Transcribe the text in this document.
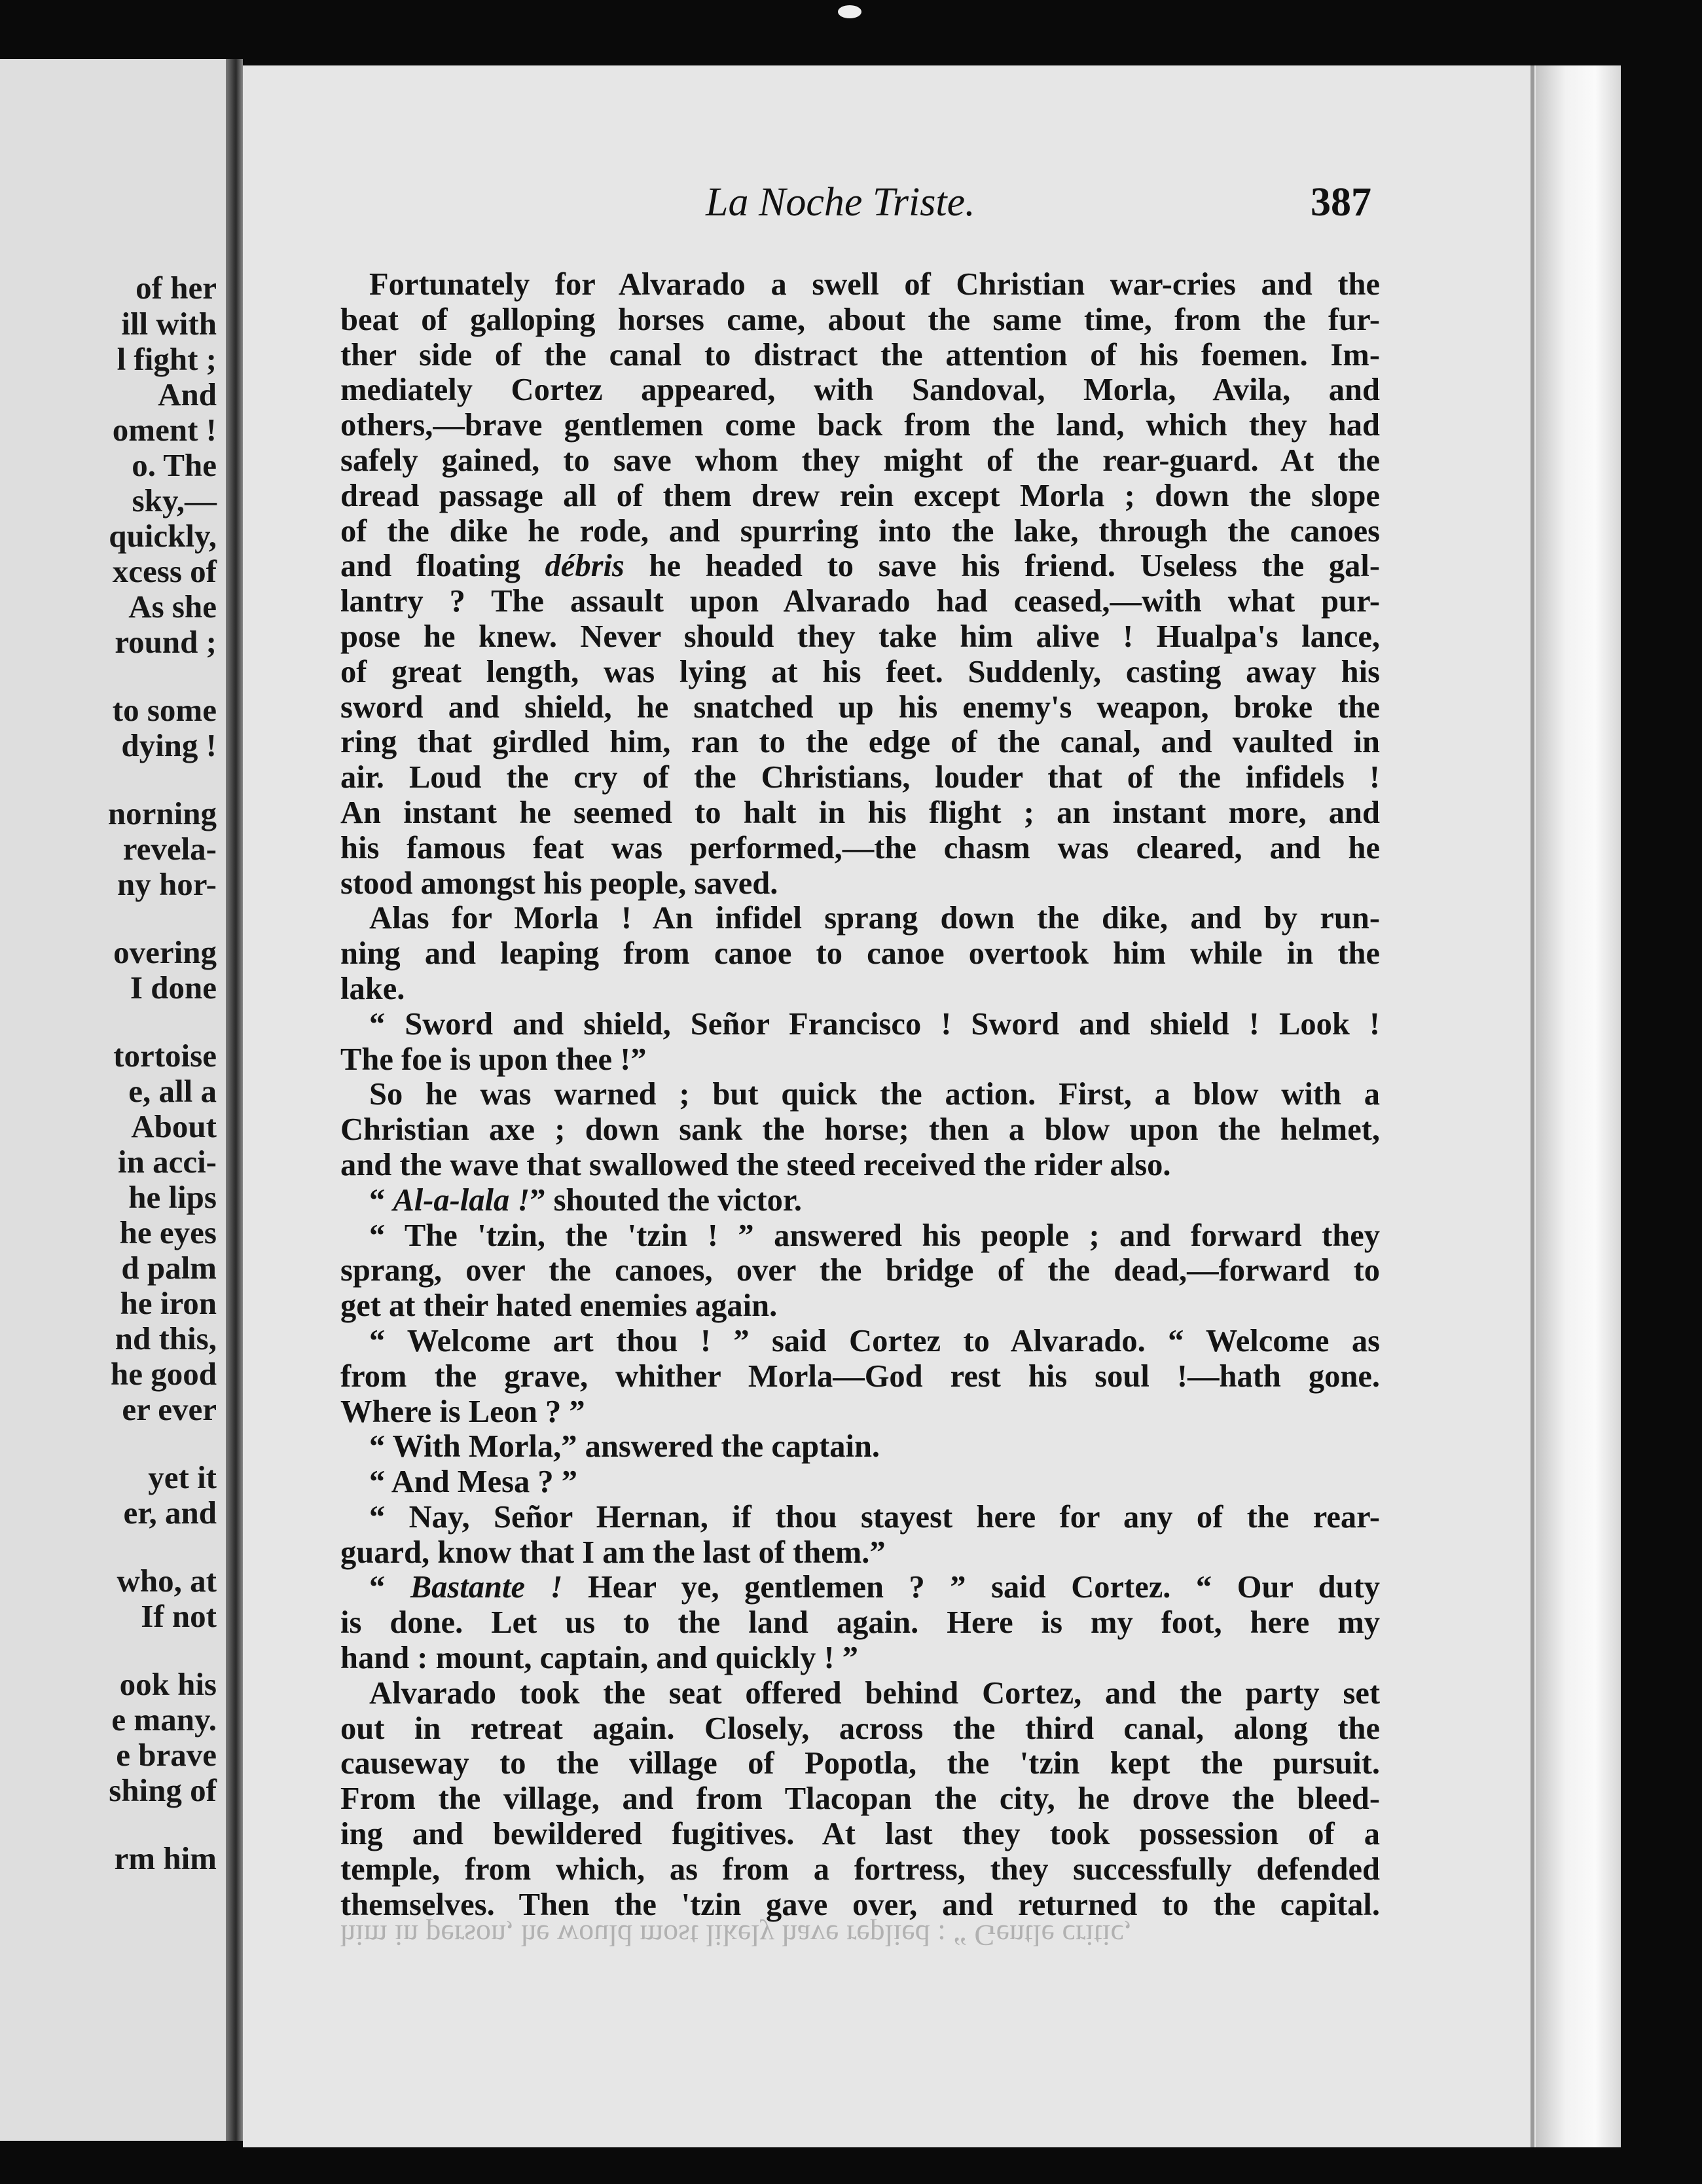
of her
ill with
l fight ;
And
oment !
o. The
sky,—
quickly,
xcess of
As she
round ;
to some
dying !
norning
revela-
ny hor-
overing
I done
tortoise
e, all a
About
in acci-
he lips
he eyes
d palm
he iron
nd this,
he good
er ever
yet it
er, and
who, at
If not
ook his
e many.
e brave
shing of
rm him
La Noche Triste.	387
Fortunately for Alvarado a swell of Christian war-cries and the
beat of galloping horses came, about the same time, from the fur-
ther side of the canal to distract the attention of his foemen. Im-
mediately Cortez appeared, with Sandoval, Morla, Avila, and
others,—brave gentlemen come back from the land, which they had
safely gained, to save whom they might of the rear-guard. At the
dread passage all of them drew rein except Morla ; down the slope
of the dike he rode, and spurring into the lake, through the canoes
and floating débris he headed to save his friend. Useless the gal-
lantry ? The assault upon Alvarado had ceased,—with what pur-
pose he knew. Never should they take him alive ! Hualpa's lance,
of great length, was lying at his feet. Suddenly, casting away his
sword and shield, he snatched up his enemy's weapon, broke the
ring that girdled him, ran to the edge of the canal, and vaulted in
air. Loud the cry of the Christians, louder that of the infidels !
An instant he seemed to halt in his flight ; an instant more, and
his famous feat was performed,—the chasm was cleared, and he
stood amongst his people, saved.
Alas for Morla ! An infidel sprang down the dike, and by run-
ning and leaping from canoe to canoe overtook him while in the
lake.
“ Sword and shield, Señor Francisco ! Sword and shield ! Look !
The foe is upon thee !”
So he was warned ; but quick the action. First, a blow with a
Christian axe ; down sank the horse; then a blow upon the helmet,
and the wave that swallowed the steed received the rider also.
“ Al-a-lala !” shouted the victor.
“ The 'tzin, the 'tzin ! ” answered his people ; and forward they
sprang, over the canoes, over the bridge of the dead,—forward to
get at their hated enemies again.
“ Welcome art thou ! ” said Cortez to Alvarado. “ Welcome as
from the grave, whither Morla—God rest his soul !—hath gone.
Where is Leon ? ”
“ With Morla,” answered the captain.
“ And Mesa ? ”
“ Nay, Señor Hernan, if thou stayest here for any of the rear-
guard, know that I am the last of them.”
“ Bastante ! Hear ye, gentlemen ? ” said Cortez. “ Our duty
is done. Let us to the land again. Here is my foot, here my
hand : mount, captain, and quickly ! ”
Alvarado took the seat offered behind Cortez, and the party set
out in retreat again. Closely, across the third canal, along the
causeway to the village of Popotla, the 'tzin kept the pursuit.
From the village, and from Tlacopan the city, he drove the bleed-
ing and bewildered fugitives. At last they took possession of a
temple, from which, as from a fortress, they successfully defended
themselves. Then the 'tzin gave over, and returned to the capital.
him in person, he would most likely have replied : “ Gentle critic,
